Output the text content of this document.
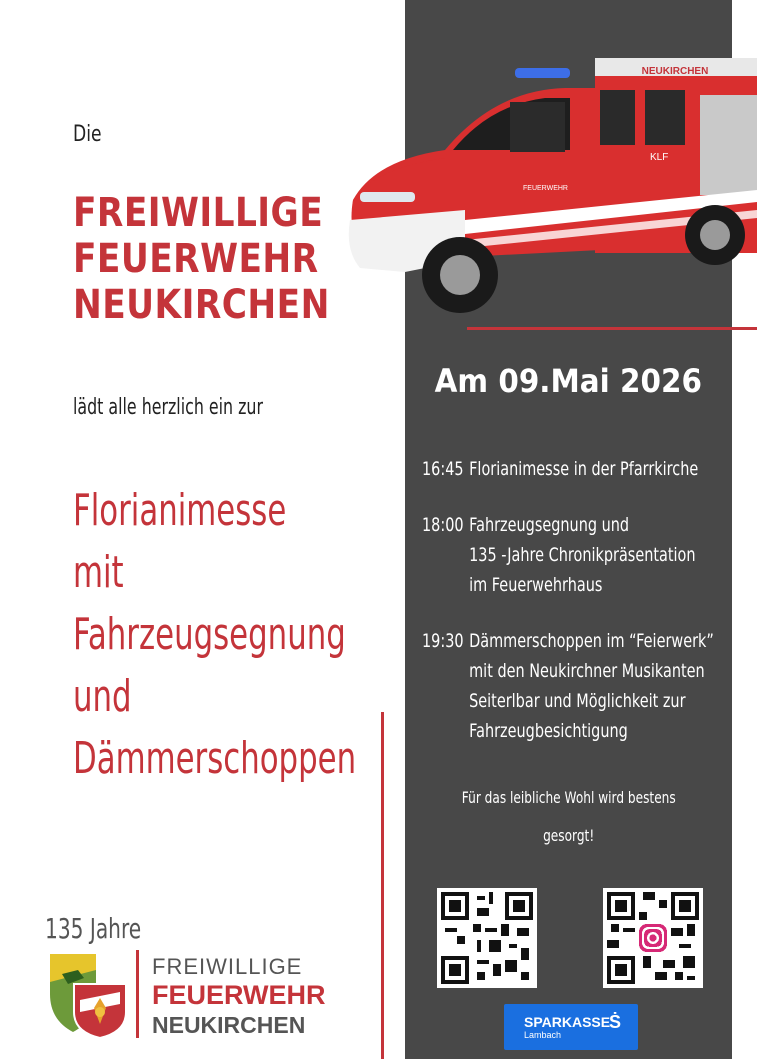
Die
FREIWILLIGE
FEUERWEHR
NEUKIRCHEN
lädt alle herzlich ein zur
Florianimesse
mit
Fahrzeugsegnung
und
Dämmerschoppen
135 Jahre
FREIWILLIGE
FEUERWEHR
NEUKIRCHEN
NEUKIRCHEN
KLF
FEUERWEHR
Am 09.Mai 2026
16:45 Florianimesse in der Pfarrkirche
18:00 Fahrzeugsegnung und
135 -Jahre Chronikpräsentation
im Feuerwehrhaus
19:30 Dämmerschoppen im “Feierwerk”
mit den Neukirchner Musikanten
Seiterlbar und Möglichkeit zur
Fahrzeugbesichtigung
Für das leibliche Wohl wird bestens
gesorgt!
SPARKASSE
Lambach
Ṡ
